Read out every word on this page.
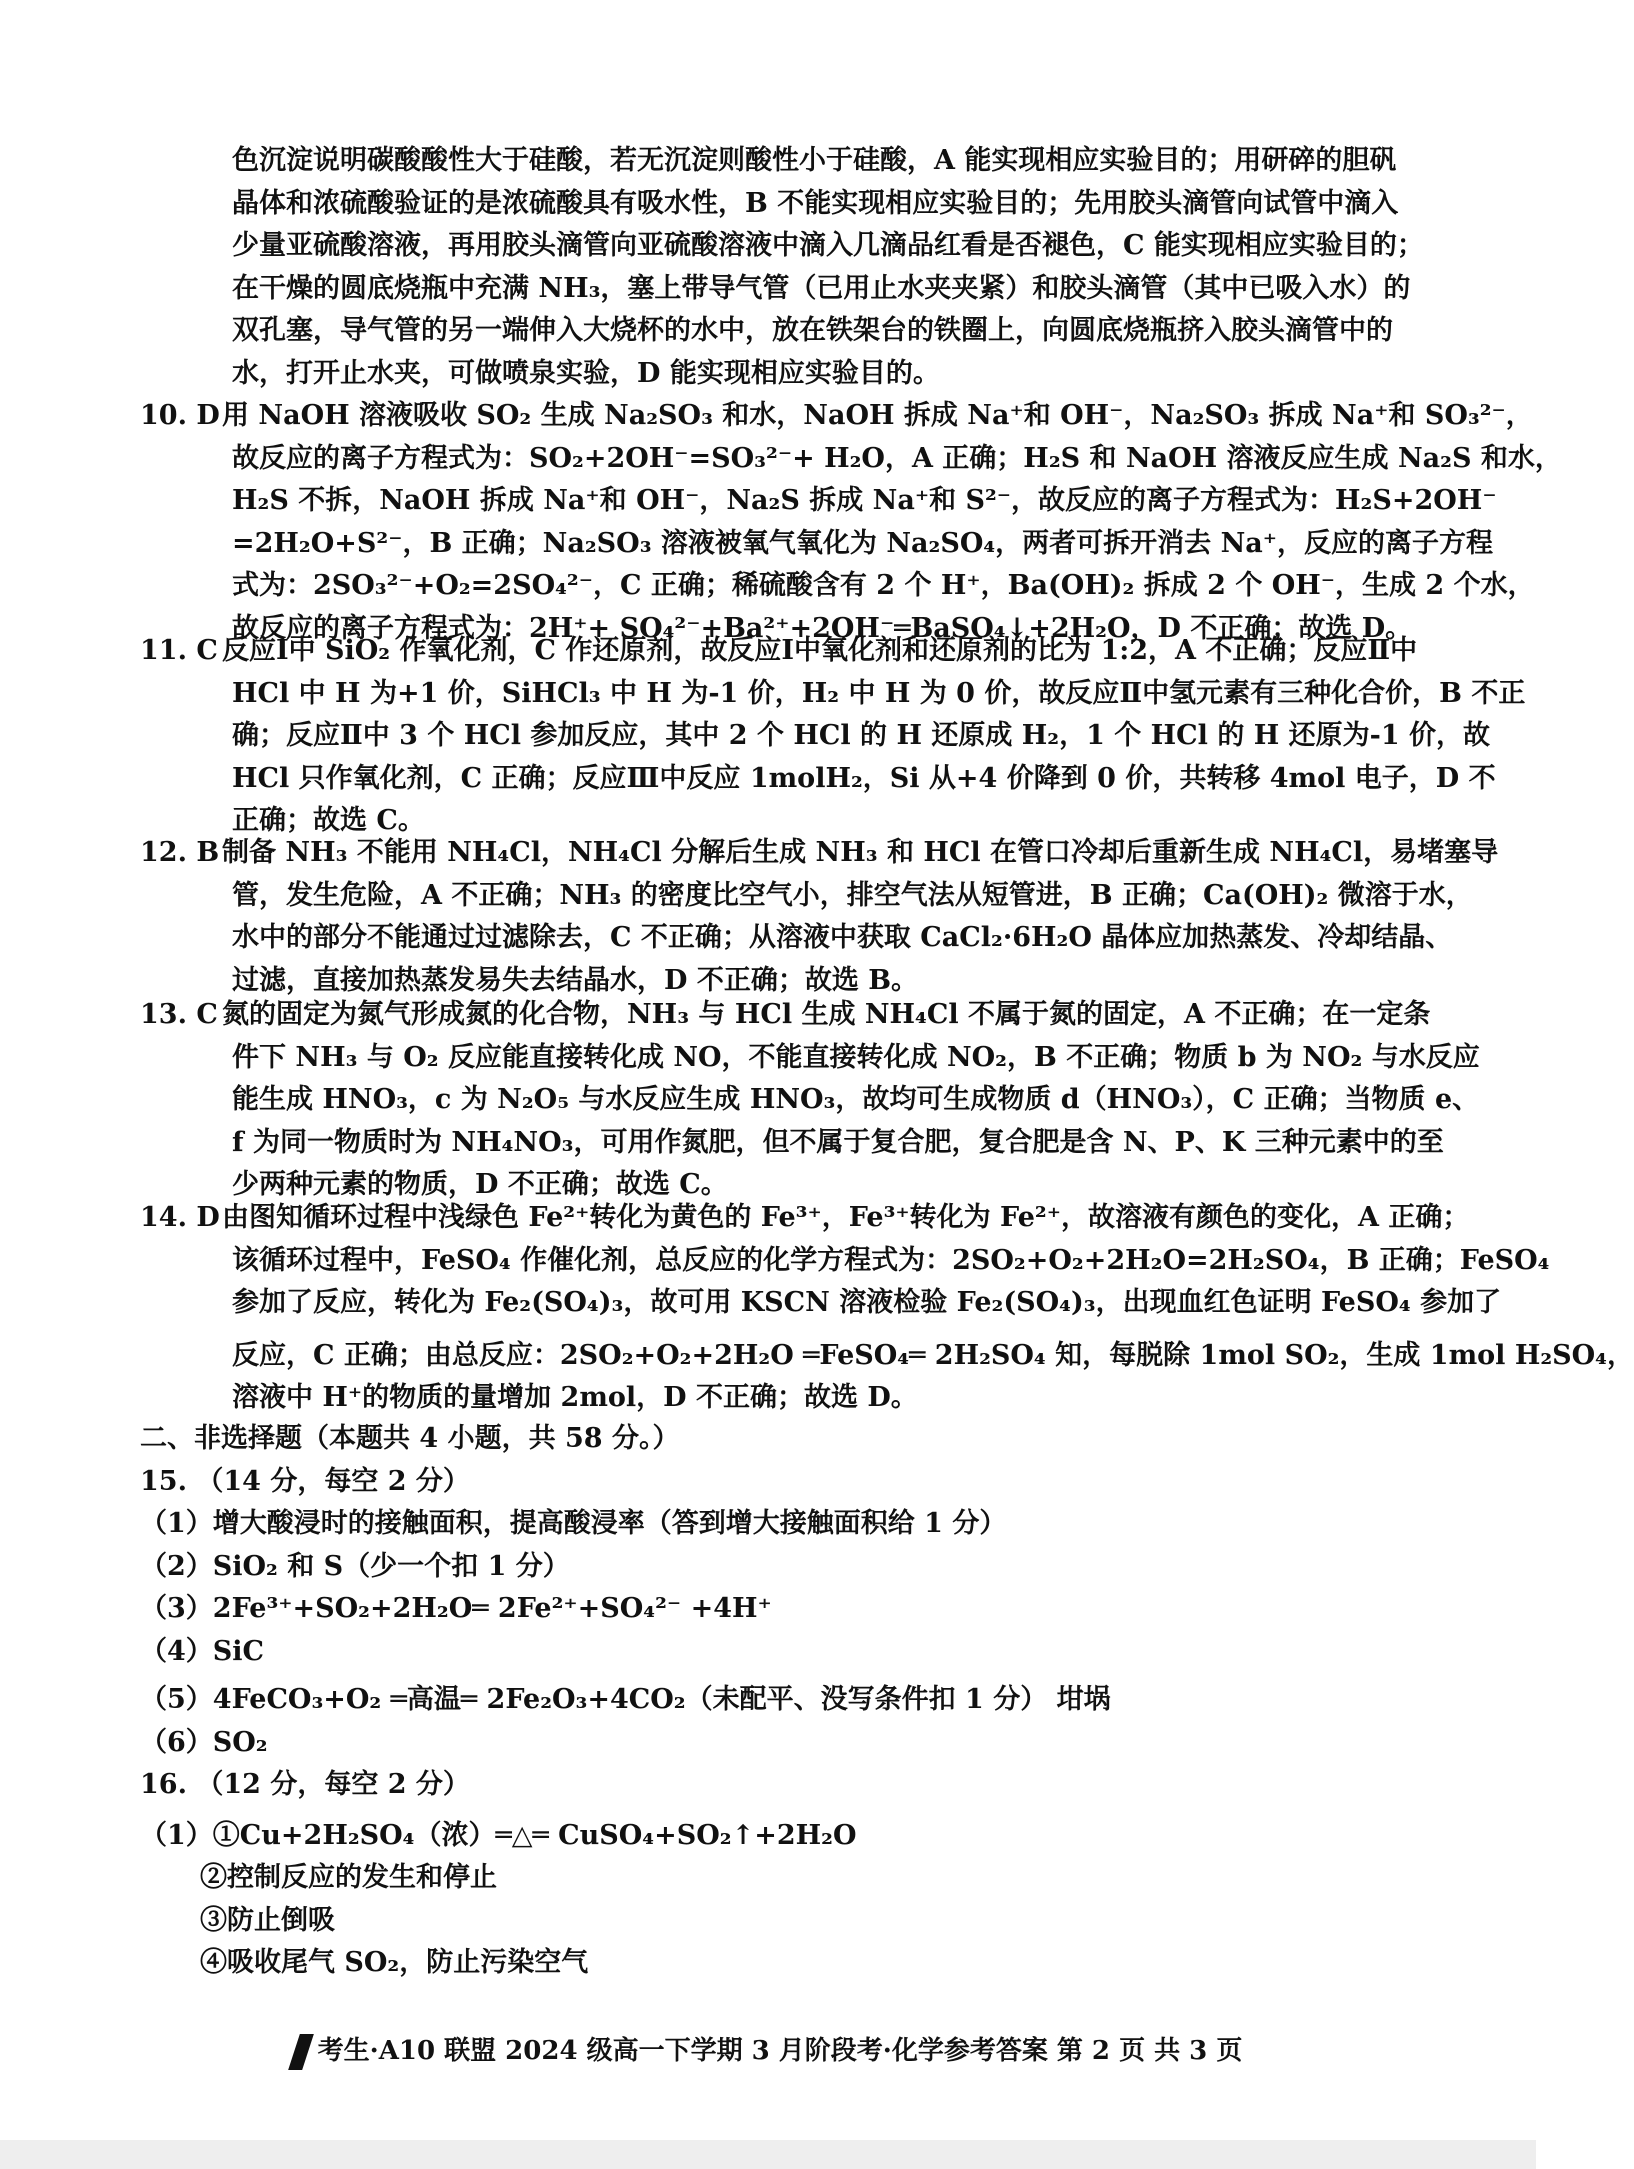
色沉淀说明碳酸酸性大于硅酸，若无沉淀则酸性小于硅酸，A 能实现相应实验目的；用研碎的胆矾
晶体和浓硫酸验证的是浓硫酸具有吸水性，B 不能实现相应实验目的；先用胶头滴管向试管中滴入
少量亚硫酸溶液，再用胶头滴管向亚硫酸溶液中滴入几滴品红看是否褪色，C 能实现相应实验目的；
在干燥的圆底烧瓶中充满 NH₃，塞上带导气管（已用止水夹夹紧）和胶头滴管（其中已吸入水）的
双孔塞，导气管的另一端伸入大烧杯的水中，放在铁架台的铁圈上，向圆底烧瓶挤入胶头滴管中的
水，打开止水夹，可做喷泉实验，D 能实现相应实验目的。
10. D用 NaOH 溶液吸收 SO₂ 生成 Na₂SO₃ 和水，NaOH 拆成 Na⁺和 OH⁻，Na₂SO₃ 拆成 Na⁺和 SO₃²⁻，
故反应的离子方程式为：SO₂+2OH⁻=SO₃²⁻+ H₂O，A 正确；H₂S 和 NaOH 溶液反应生成 Na₂S 和水，
H₂S 不拆，NaOH 拆成 Na⁺和 OH⁻，Na₂S 拆成 Na⁺和 S²⁻，故反应的离子方程式为：H₂S+2OH⁻
=2H₂O+S²⁻，B 正确；Na₂SO₃ 溶液被氧气氧化为 Na₂SO₄，两者可拆开消去 Na⁺，反应的离子方程
式为：2SO₃²⁻+O₂=2SO₄²⁻，C 正确；稀硫酸含有 2 个 H⁺，Ba(OH)₂ 拆成 2 个 OH⁻，生成 2 个水，
故反应的离子方程式为：2H⁺+ SO₄²⁻+Ba²⁺+2OH⁻═BaSO₄↓+2H₂O，D 不正确；故选 D。
11. C 反应Ⅰ中 SiO₂ 作氧化剂，C 作还原剂，故反应Ⅰ中氧化剂和还原剂的比为 1:2，A 不正确；反应Ⅱ中
HCl 中 H 为+1 价，SiHCl₃ 中 H 为-1 价，H₂ 中 H 为 0 价，故反应Ⅱ中氢元素有三种化合价，B 不正
确；反应Ⅱ中 3 个 HCl 参加反应，其中 2 个 HCl 的 H 还原成 H₂，1 个 HCl 的 H 还原为-1 价，故
HCl 只作氧化剂，C 正确；反应Ⅲ中反应 1molH₂，Si 从+4 价降到 0 价，共转移 4mol 电子，D 不
正确；故选 C。
12. B 制备 NH₃ 不能用 NH₄Cl，NH₄Cl 分解后生成 NH₃ 和 HCl 在管口冷却后重新生成 NH₄Cl，易堵塞导
管，发生危险，A 不正确；NH₃ 的密度比空气小，排空气法从短管进，B 正确；Ca(OH)₂ 微溶于水，
水中的部分不能通过过滤除去，C 不正确；从溶液中获取 CaCl₂·6H₂O 晶体应加热蒸发、冷却结晶、
过滤，直接加热蒸发易失去结晶水，D 不正确；故选 B。
13. C 氮的固定为氮气形成氮的化合物，NH₃ 与 HCl 生成 NH₄Cl 不属于氮的固定，A 不正确；在一定条
件下 NH₃ 与 O₂ 反应能直接转化成 NO，不能直接转化成 NO₂，B 不正确；物质 b 为 NO₂ 与水反应
能生成 HNO₃，c 为 N₂O₅ 与水反应生成 HNO₃，故均可生成物质 d（HNO₃），C 正确；当物质 e、
f 为同一物质时为 NH₄NO₃，可用作氮肥，但不属于复合肥，复合肥是含 N、P、K 三种元素中的至
少两种元素的物质，D 不正确；故选 C。
14. D由图知循环过程中浅绿色 Fe²⁺转化为黄色的 Fe³⁺，Fe³⁺转化为 Fe²⁺，故溶液有颜色的变化，A 正确；
该循环过程中，FeSO₄ 作催化剂，总反应的化学方程式为：2SO₂+O₂+2H₂O=2H₂SO₄，B 正确；FeSO₄
参加了反应，转化为 Fe₂(SO₄)₃，故可用 KSCN 溶液检验 Fe₂(SO₄)₃，出现血红色证明 FeSO₄ 参加了
反应，C 正确；由总反应：2SO₂+O₂+2H₂O ═FeSO₄═ 2H₂SO₄ 知，每脱除 1mol SO₂，生成 1mol H₂SO₄，
溶液中 H⁺的物质的量增加 2mol，D 不正确；故选 D。
二、非选择题（本题共 4 小题，共 58 分。）
15. （14 分，每空 2 分）
（1）增大酸浸时的接触面积，提高酸浸率（答到增大接触面积给 1 分）
（2）SiO₂ 和 S（少一个扣 1 分）
（3）2Fe³⁺+SO₂+2H₂O═ 2Fe²⁺+SO₄²⁻ +4H⁺
（4）SiC
（5）4FeCO₃+O₂ ═高温═ 2Fe₂O₃+4CO₂（未配平、没写条件扣 1 分） 坩埚
（6）SO₂
16. （12 分，每空 2 分）
（1）①Cu+2H₂SO₄（浓）═△═ CuSO₄+SO₂↑+2H₂O
②控制反应的发生和停止
③防止倒吸
④吸收尾气 SO₂，防止污染空气
考生·A10 联盟 2024 级高一下学期 3 月阶段考·化学参考答案 第 2 页 共 3 页
